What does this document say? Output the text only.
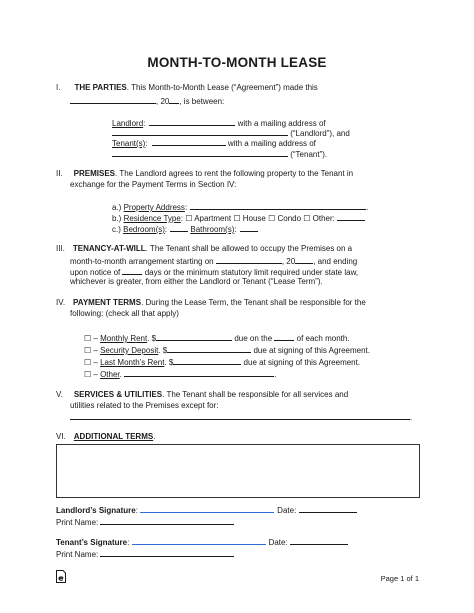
MONTH-TO-MONTH LEASE
I. THE PARTIES. This Month-to-Month Lease (“Agreement”) made this
, 20 , is between:
Landlord:	with a mailing address of
(“Landlord”), and
Tenant(s):	with a mailing address of
(“Tenant”).
II. PREMISES. The Landlord agrees to rent the following property to the Tenant in
exchange for the Payment Terms in Section IV:
a.) Property Address:	.
b.) Residence Type: ☐ Apartment ☐ House ☐ Condo ☐ Other:
c.) Bedroom(s):	Bathroom(s):
III. TENANCY-AT-WILL. The Tenant shall be allowed to occupy the Premises on a
month-to-month arrangement starting on	, 20 , and ending
upon notice of	days or the minimum statutory limit required under state law,
whichever is greater, from either the Landlord or Tenant (“Lease Term”).
IV. PAYMENT TERMS. During the Lease Term, the Tenant shall be responsible for the
following: (check all that apply)
☐ – Monthly Rent. $	due on the	of each month.
☐ – Security Deposit. $	due at signing of this Agreement.
☐ – Last Month’s Rent. $	due at signing of this Agreement.
☐ – Other.	.
V. SERVICES & UTILITIES. The Tenant shall be responsible for all services and
utilities related to the Premises except for:
.
VI. ADDITIONAL TERMS.
Landlord’s Signature:	Date:
Print Name:
Tenant’s Signature:	Date:
Print Name:
Page 1 of 1
